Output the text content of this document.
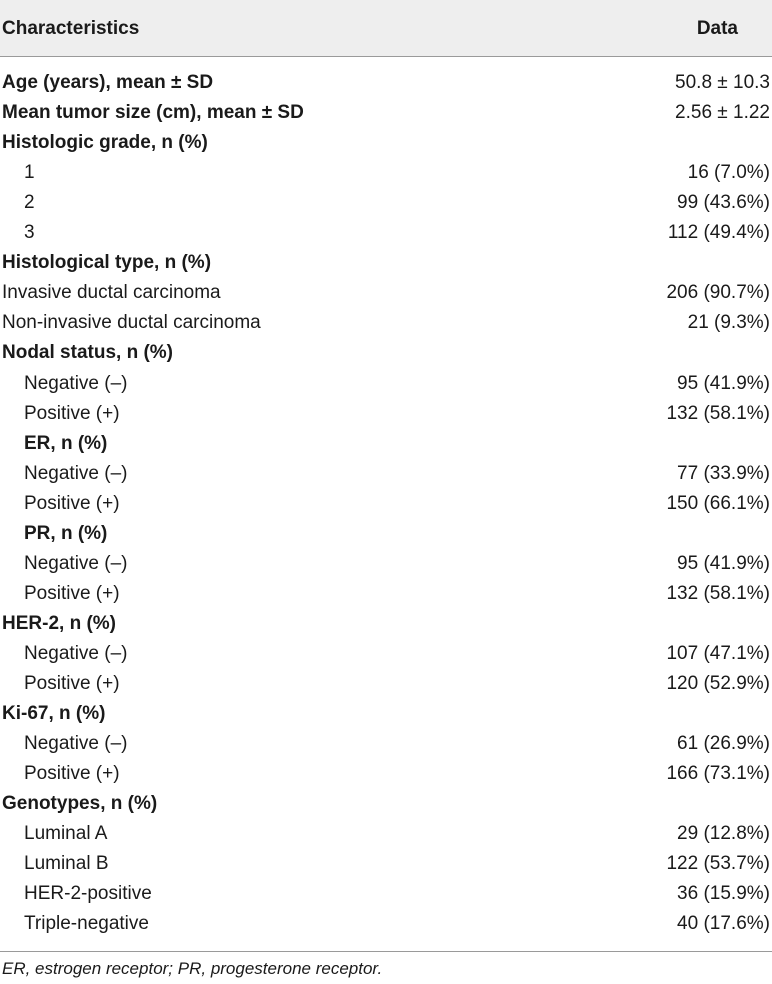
Characteristics	Data
Age (years), mean ± SD	50.8 ± 10.3
Mean tumor size (cm), mean ± SD	2.56 ± 1.22
Histologic grade, n (%)
1	16 (7.0%)
2	99 (43.6%)
3	112 (49.4%)
Histological type, n (%)
Invasive ductal carcinoma	206 (90.7%)
Non-invasive ductal carcinoma	21 (9.3%)
Nodal status, n (%)
Negative (–)	95 (41.9%)
Positive (+)	132 (58.1%)
ER, n (%)
Negative (–)	77 (33.9%)
Positive (+)	150 (66.1%)
PR, n (%)
Negative (–)	95 (41.9%)
Positive (+)	132 (58.1%)
HER-2, n (%)
Negative (–)	107 (47.1%)
Positive (+)	120 (52.9%)
Ki-67, n (%)
Negative (–)	61 (26.9%)
Positive (+)	166 (73.1%)
Genotypes, n (%)
Luminal A	29 (12.8%)
Luminal B	122 (53.7%)
HER-2-positive	36 (15.9%)
Triple-negative	40 (17.6%)
ER, estrogen receptor; PR, progesterone receptor.
